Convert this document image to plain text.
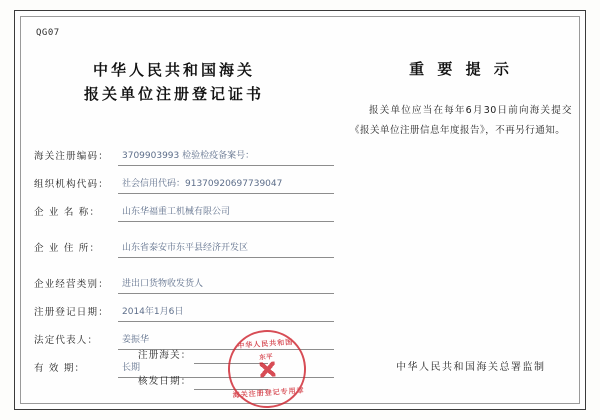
QG07
中华人民共和国海关
报关单位注册登记证书
重 要 提 示
报关单位应当在每年6月30日前向海关提交《报关单位注册信息年度报告》，不再另行通知。
海关注册编码：	3709903993 检验检疫备案号：
组织机构代码：	社会信用代码：91370920697739047
企 业 名 称：	山东华福重工机械有限公司
企 业 住 所：	山东省泰安市东平县经济开发区
企业经营类别：	进出口货物收发货人
注册登记日期：	2014年1月6日
法定代表人：	姜振华
有 效 期：	长期
注册海关：
核发日期：
中华人民共和国海关总署监制
中华人民共和国
东平
海关注册登记专用章
